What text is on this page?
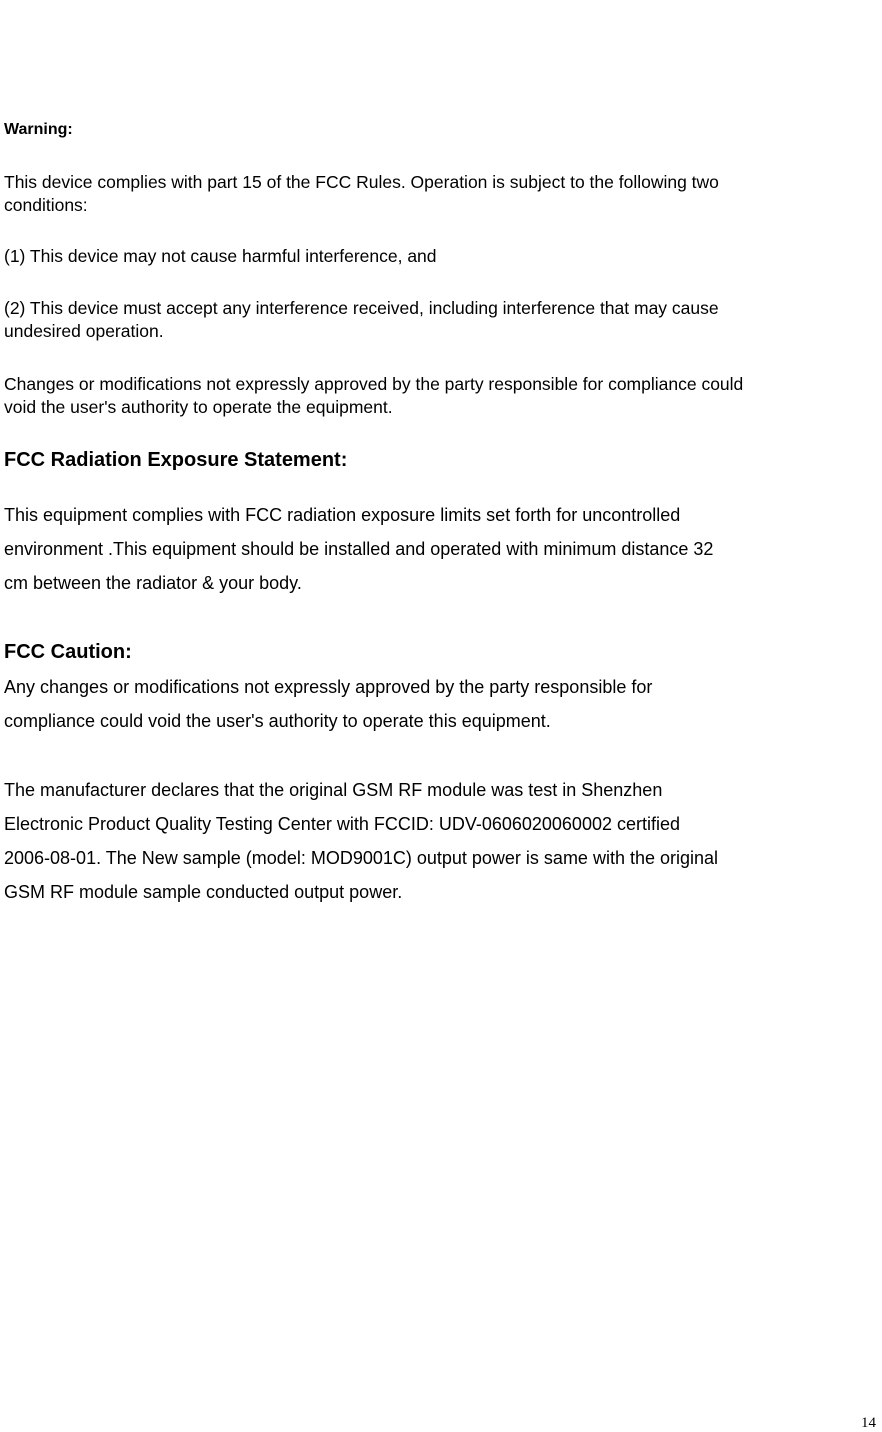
Warning:

This device complies with part 15 of the FCC Rules. Operation is subject to the following two

conditions:

(1) This device may not cause harmful interference, and

(2) This device must accept any interference received, including interference that may cause

undesired operation.

Changes or modifications not expressly approved by the party responsible for compliance could

void the user's authority to operate the equipment.

FCC Radiation Exposure Statement:

This equipment complies with FCC radiation exposure limits set forth for uncontrolled

environment .This equipment should be installed and operated with minimum distance 32

cm between the radiator & your body.

FCC Caution:

Any changes or modifications not expressly approved by the party responsible for

compliance could void the user's authority to operate this equipment.

The manufacturer declares that the original GSM RF module was test in Shenzhen

Electronic Product Quality Testing Center with FCCID: UDV-0606020060002 certified

2006-08-01. The New sample (model: MOD9001C) output power is same with the original

GSM RF module sample conducted output power.

14
